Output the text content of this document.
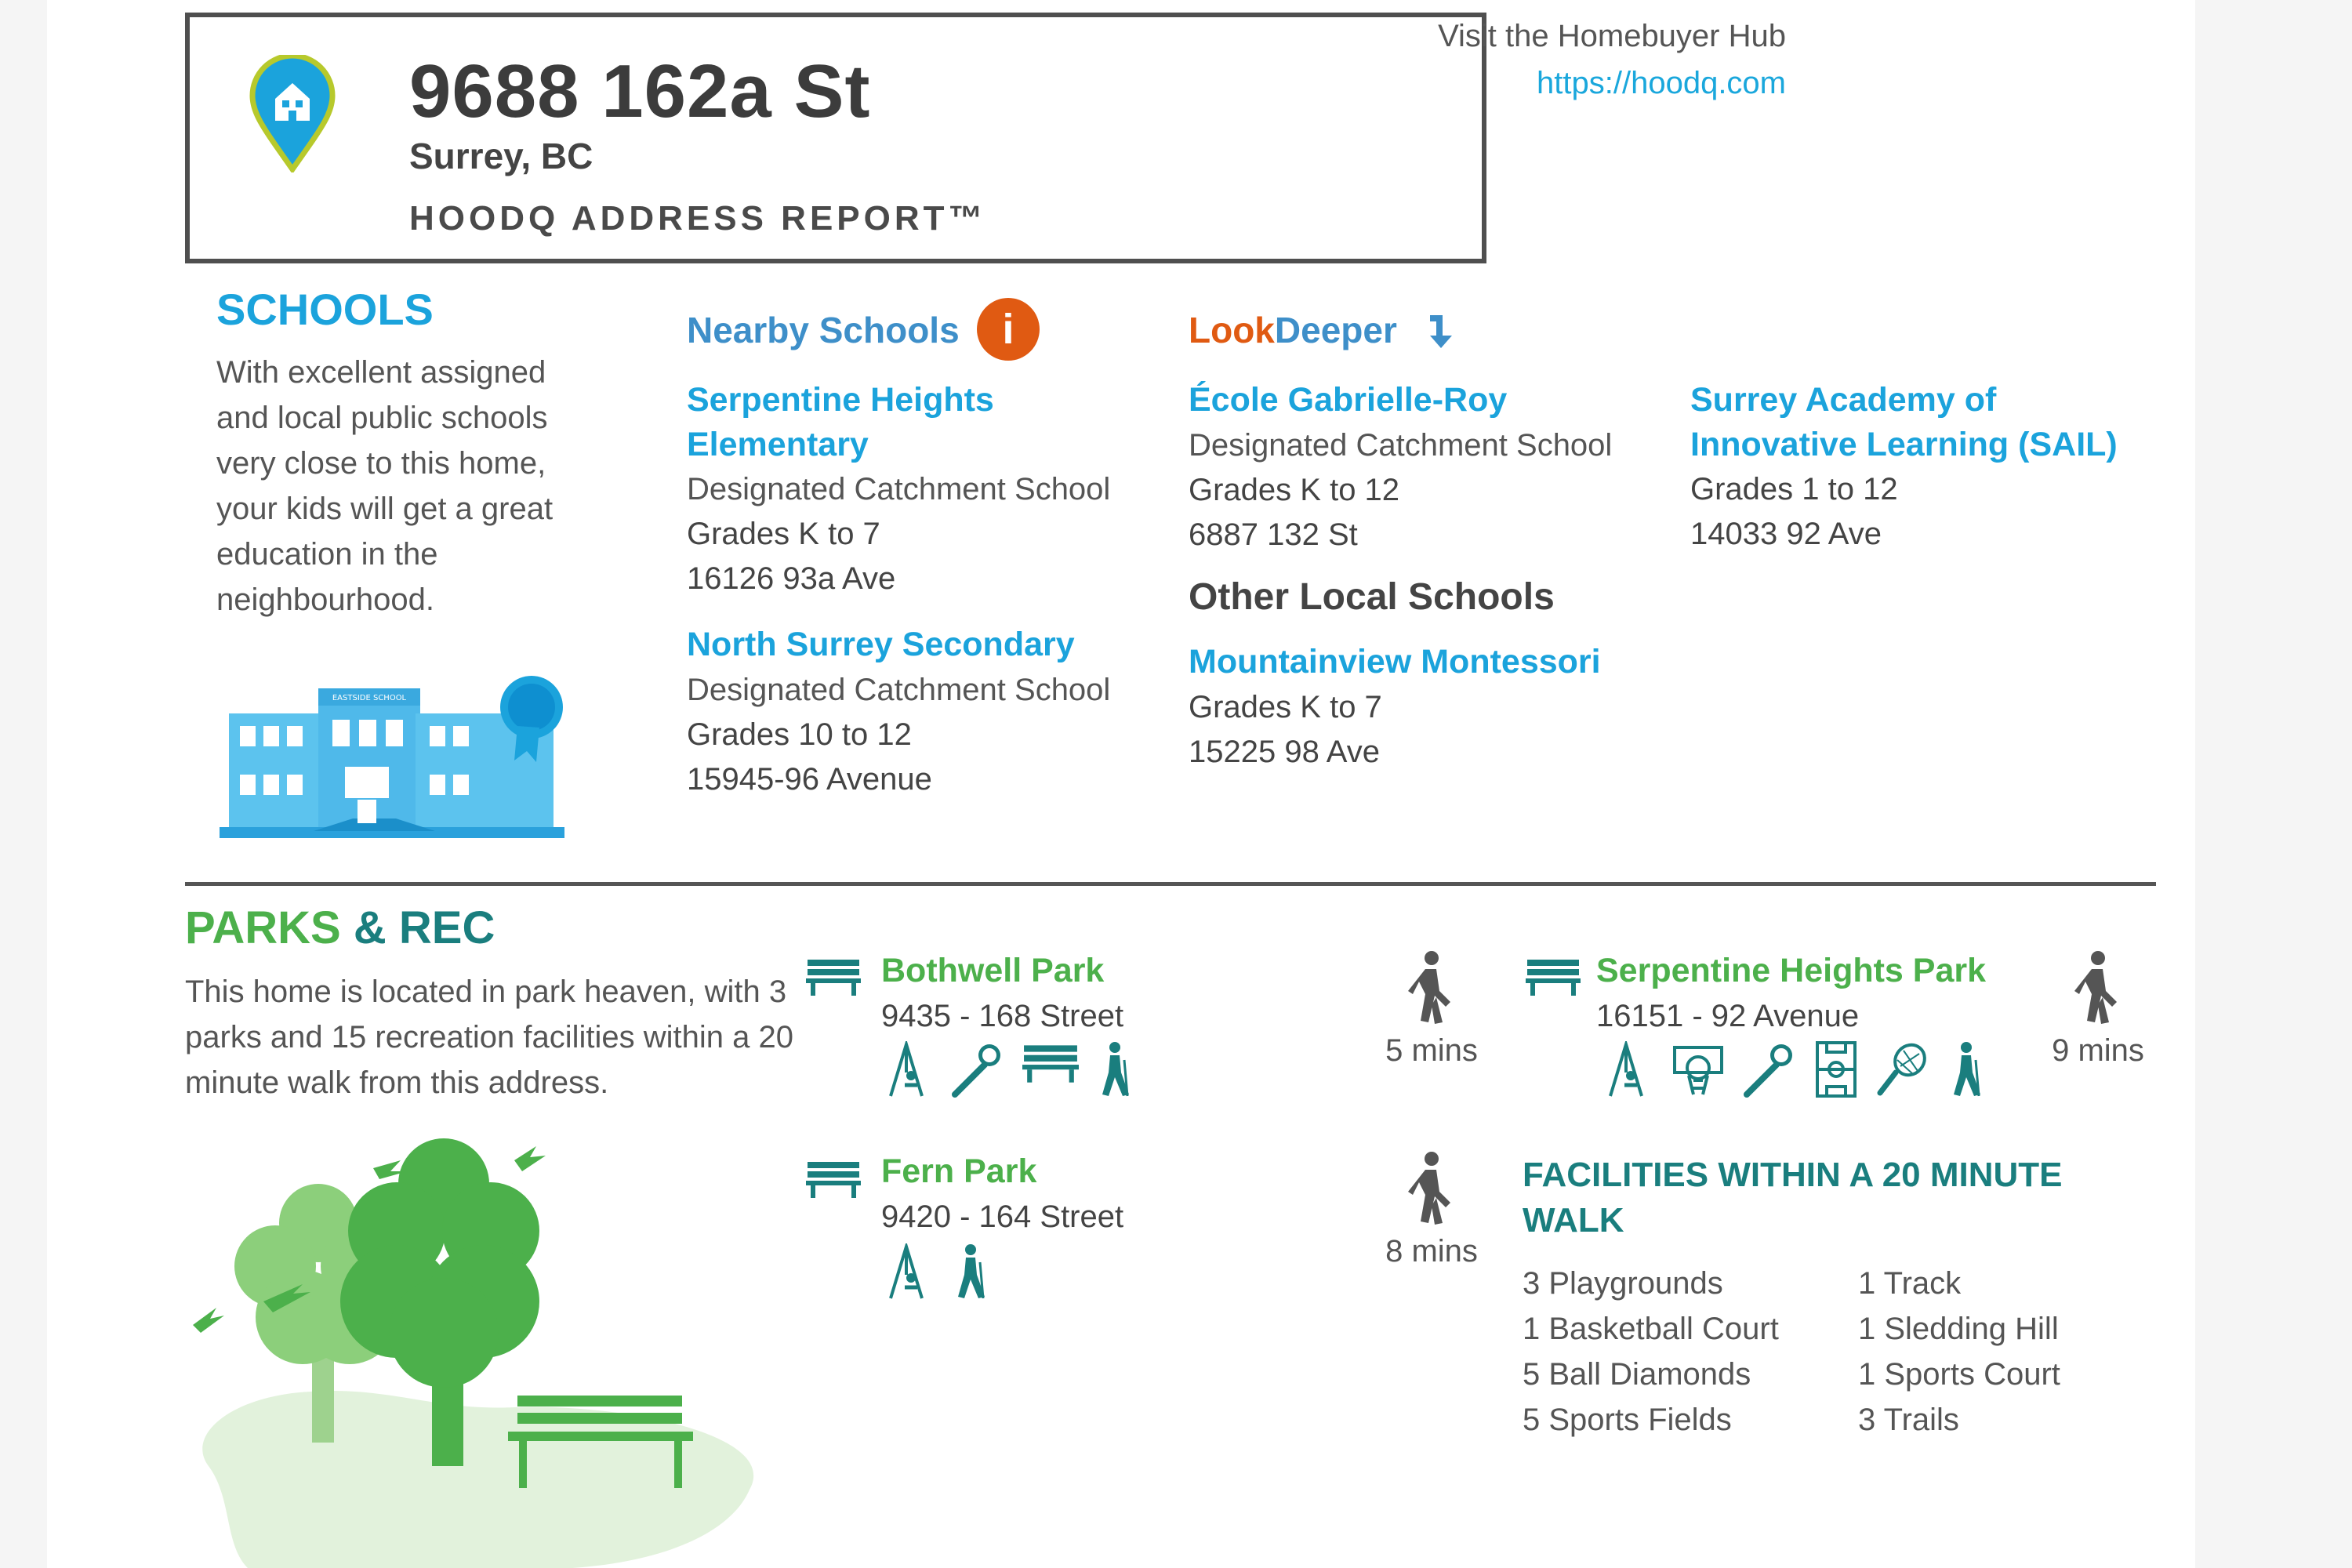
9688 162a St
Surrey, BC
HOODQ ADDRESS REPORT™
Visit the Homebuyer Hub
https://hoodq.com
SCHOOLS
With excellent assigned
and local public schools
very close to this home,
your kids will get a great
education in the
neighbourhood.
EASTSIDE SCHOOL
Nearby Schools	i	LookDeeper
Serpentine Heights
Elementary
Designated Catchment School
Grades K to 7
16126 93a Ave
North Surrey Secondary
Designated Catchment School
Grades 10 to 12
15945-96 Avenue
École Gabrielle-Roy
Designated Catchment School
Grades K to 12
6887 132 St
Surrey Academy of
Innovative Learning (SAIL)
Grades 1 to 12
14033 92 Ave
Other Local Schools
Mountainview Montessori
Grades K to 7
15225 98 Ave
PARKS & REC
This home is located in park heaven, with 3
parks and 15 recreation facilities within a 20
minute walk from this address.
Bothwell Park
9435 - 168 Street
5 mins
Serpentine Heights Park
16151 - 92 Avenue
9 mins
Fern Park
9420 - 164 Street
8 mins
FACILITIES WITHIN A 20 MINUTE
WALK
3 Playgrounds
1 Basketball Court
5 Ball Diamonds
5 Sports Fields
1 Track
1 Sledding Hill
1 Sports Court
3 Trails
